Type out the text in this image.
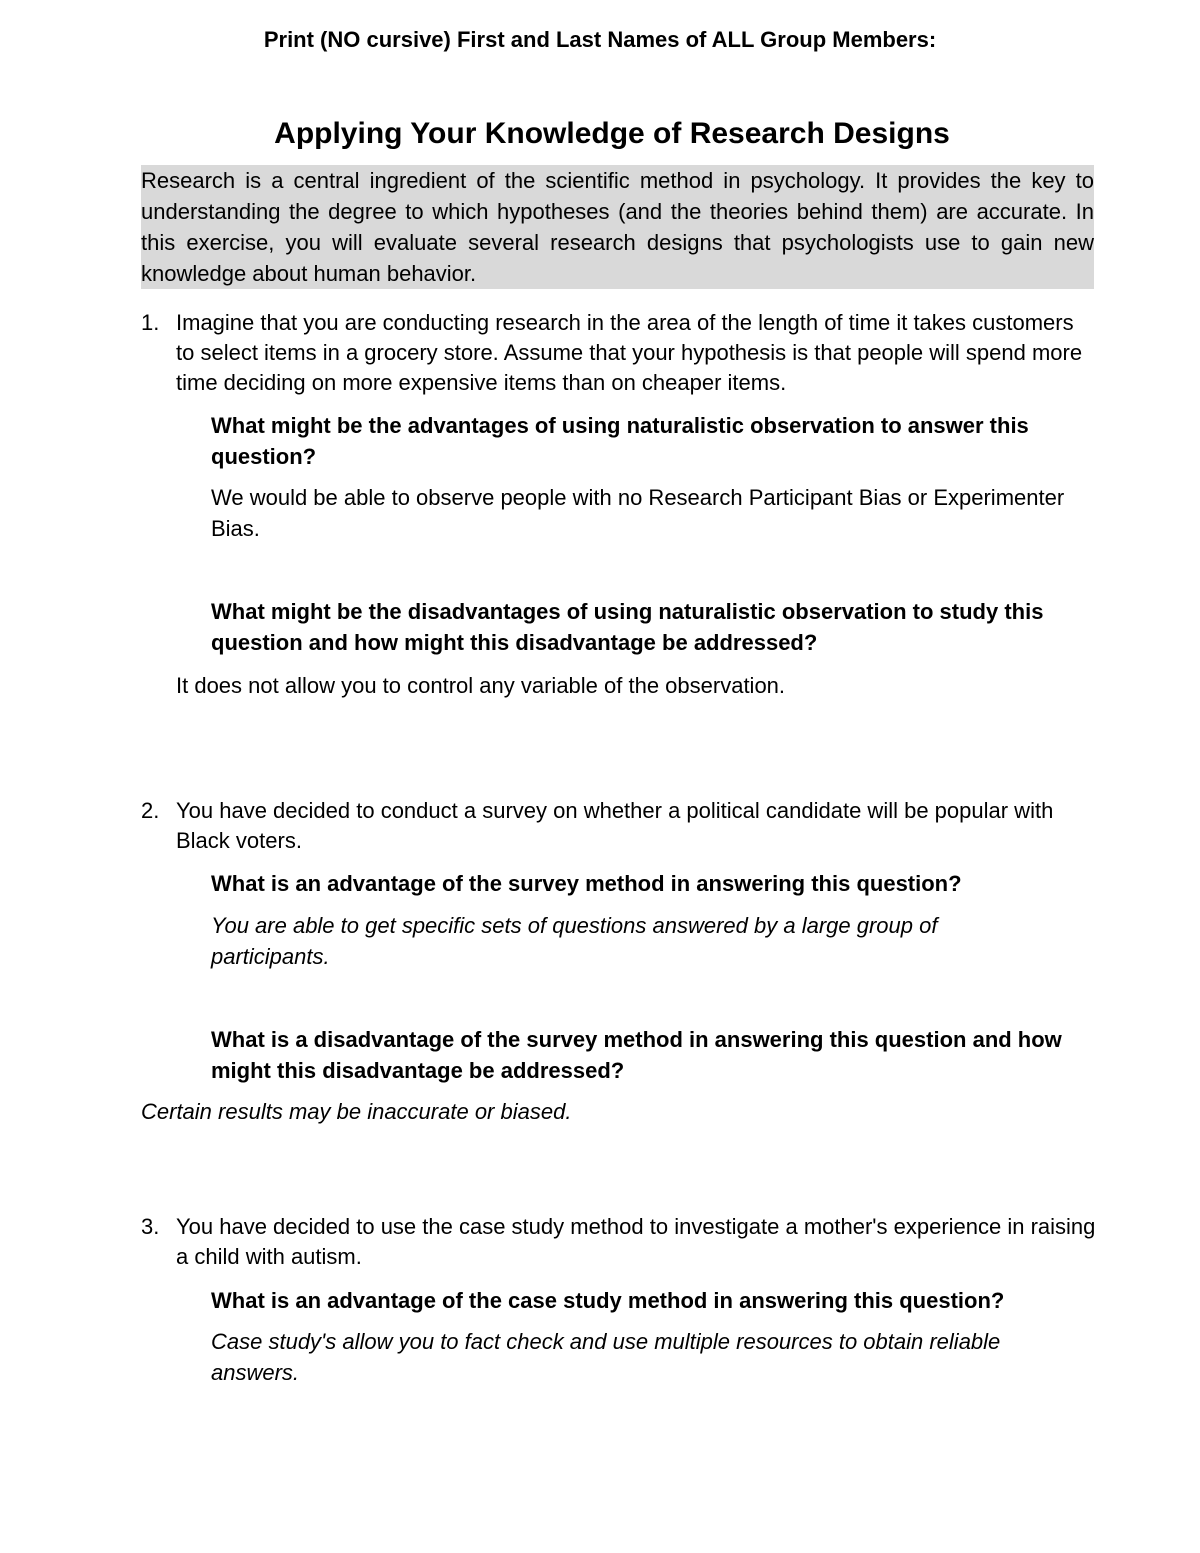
Print (NO cursive) First and Last Names of ALL Group Members:
Applying Your Knowledge of Research Designs
Research is a central ingredient of the scientific method in psychology. It provides the key to understanding the degree to which hypotheses (and the theories behind them) are accurate. In this exercise, you will evaluate several research designs that psychologists use to gain new knowledge about human behavior.
1. Imagine that you are conducting research in the area of the length of time it takes customers to select items in a grocery store. Assume that your hypothesis is that people will spend more time deciding on more expensive items than on cheaper items.
What might be the advantages of using naturalistic observation to answer this question?
We would be able to observe people with no Research Participant Bias or Experimenter Bias.
What might be the disadvantages of using naturalistic observation to study this question and how might this disadvantage be addressed?
It does not allow you to control any variable of the observation.
2. You have decided to conduct a survey on whether a political candidate will be popular with Black voters.
What is an advantage of the survey method in answering this question?
You are able to get specific sets of questions answered by a large group of participants.
What is a disadvantage of the survey method in answering this question and how might this disadvantage be addressed?
Certain results may be inaccurate or biased.
3. You have decided to use the case study method to investigate a mother's experience in raising a child with autism.
What is an advantage of the case study method in answering this question?
Case study's allow you to fact check and use multiple resources to obtain reliable answers.
